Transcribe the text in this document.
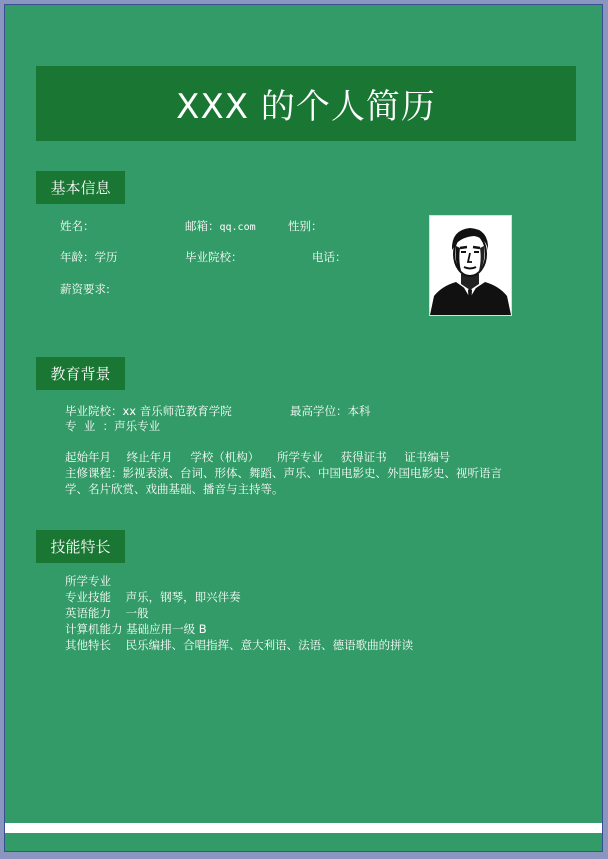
XXX 的个人简历
基本信息
姓名：	邮箱：qq.com	性别：
年龄：学历	毕业院校：	电话：
薪资要求:
教育背景
毕业院校：xx 音乐师范教育学院	最高学位：本科
专  业  ：声乐专业
起始年月 终止年月 学校（机构） 所学专业 获得证书 证书编号
主修课程：影视表演、台词、形体、舞蹈、声乐、中国电影史、外国电影史、视听语言
学、名片欣赏、戏曲基础、播音与主持等。
技能特长
所学专业
专业技能    声乐，钢琴，即兴伴奏
英语能力    一般
计算机能力 基础应用一级 B
其他特长    民乐编排、合唱指挥、意大利语、法语、德语歌曲的拼读
